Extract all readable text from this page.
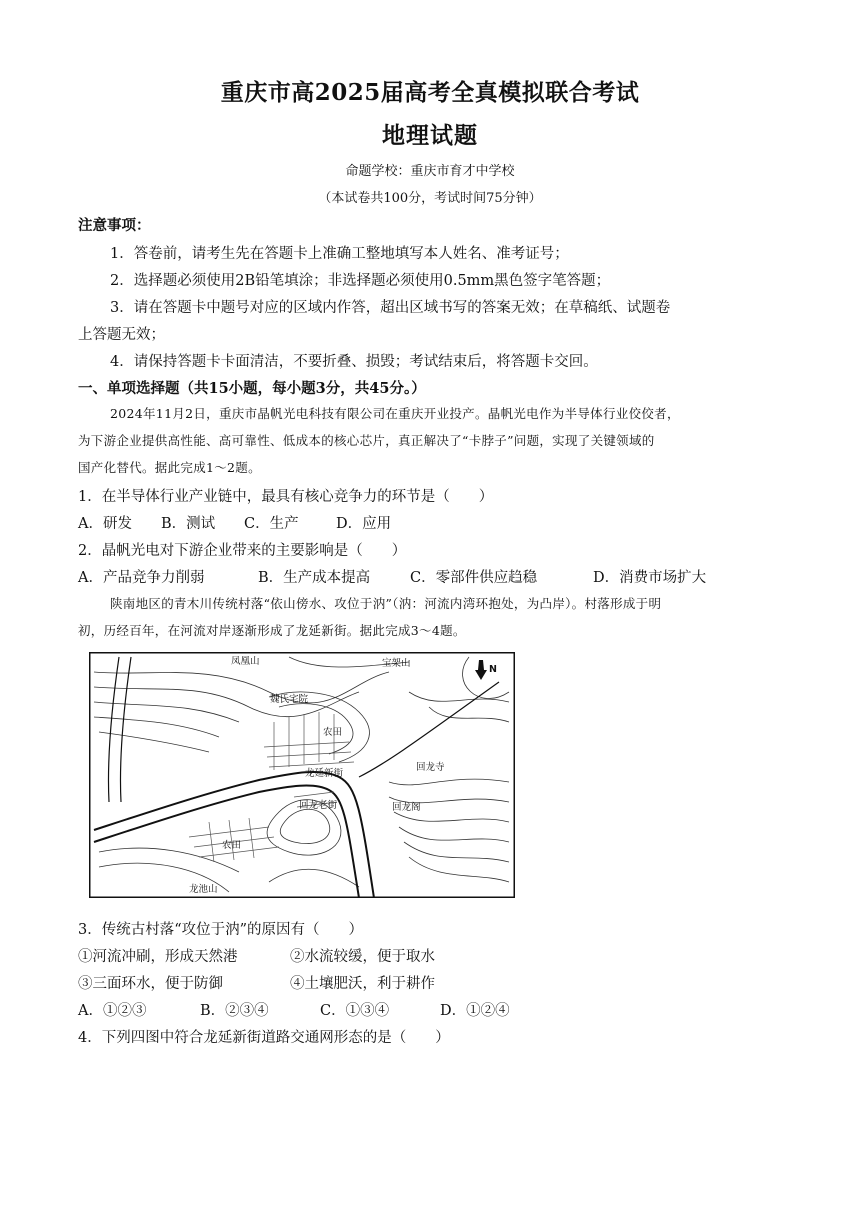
重庆市高2025届高考全真模拟联合考试
地理试题
命题学校：重庆市育才中学校
（本试卷共100分，考试时间75分钟）
注意事项：
1．答卷前，请考生先在答题卡上准确工整地填写本人姓名、准考证号；
2．选择题必须使用2B铅笔填涂；非选择题必须使用0.5mm黑色签字笔答题；
3．请在答题卡中题号对应的区域内作答，超出区域书写的答案无效；在草稿纸、试题卷
上答题无效；
4．请保持答题卡卡面清洁，不要折叠、损毁；考试结束后，将答题卡交回。
一、单项选择题（共15小题，每小题3分，共45分。）
2024年11月2日，重庆市晶帆光电科技有限公司在重庆开业投产。晶帆光电作为半导体行业佼佼者，
为下游企业提供高性能、高可靠性、低成本的核心芯片，真正解决了“卡脖子”问题，实现了关键领域的
国产化替代。据此完成1～2题。
1．在半导体行业产业链中，最具有核心竞争力的环节是（　　）
A．研发	B．测试	C．生产	D．应用
2．晶帆光电对下游企业带来的主要影响是（　　）
A．产品竞争力削弱	B．生产成本提高	C．零部件供应趋稳	D．消费市场扩大
陕南地区的青木川传统村落“依山傍水、攻位于汭”（汭：河流内湾环抱处，为凸岸）。村落形成于明
初，历经百年，在河流对岸逐渐形成了龙延新街。据此完成3～4题。
凤凰山	宝架山
N
魏氏宅院
农田
龙延新街
回龙老街
回龙寺
回龙阁
农田
龙池山
3．传统古村落“攻位于汭”的原因有（　　）
①河流冲刷，形成天然港	②水流较缓，便于取水
③三面环水，便于防御	④土壤肥沃，利于耕作
A．①②③	B．②③④	C．①③④	D．①②④
4．下列四图中符合龙延新街道路交通网形态的是（　　）
